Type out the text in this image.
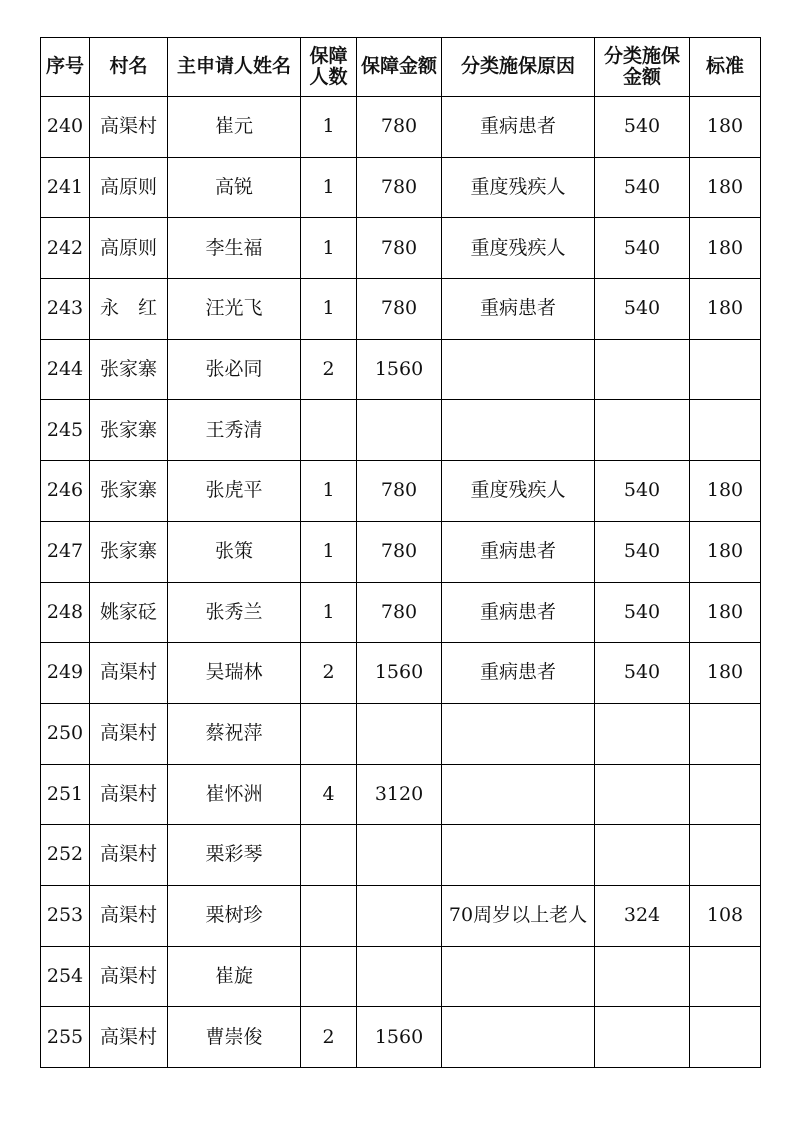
序号	村名	主申请人姓名	保障人数	保障金额	分类施保原因	分类施保金额	标准
240	高渠村	崔元	1	780	重病患者	540	180
241	高原则	高锐	1	780	重度残疾人	540	180
242	高原则	李生福	1	780	重度残疾人	540	180
243	永　红	汪光飞	1	780	重病患者	540	180
244	张家寨	张必同	2	1560			
245	张家寨	王秀清					
246	张家寨	张虎平	1	780	重度残疾人	540	180
247	张家寨	张策	1	780	重病患者	540	180
248	姚家砭	张秀兰	1	780	重病患者	540	180
249	高渠村	吴瑞林	2	1560	重病患者	540	180
250	高渠村	蔡祝萍					
251	高渠村	崔怀洲	4	3120			
252	高渠村	栗彩琴					
253	高渠村	栗树珍			70周岁以上老人	324	108
254	高渠村	崔旋					
255	高渠村	曹崇俊	2	1560			
